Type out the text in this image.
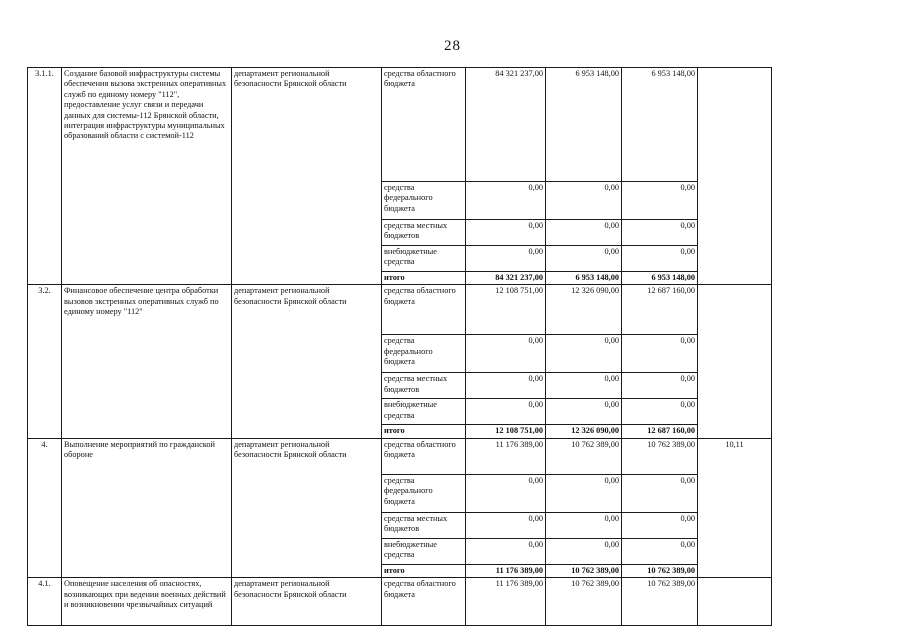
28
3.1.1.	Создание базовой инфраструктуры системы обеспечения вызова экстренных оперативных служб по единому номеру "112", предоставление услуг связи и передачи данных для системы-112 Брянской области, интеграция инфраструктуры муниципальных образований области с системой-112	департамент региональной безопасности Брянской области	средства областного бюджета	84 321 237,00	6 953 148,00	6 953 148,00	
			средства федерального бюджета	0,00	0,00	0,00	
			средства местных бюджетов	0,00	0,00	0,00	
			внебюджетные средства	0,00	0,00	0,00	
			итого	84 321 237,00	6 953 148,00	6 953 148,00	
3.2.	Финансовое обеспечение центра обработки вызовов экстренных оперативных служб по единому номеру "112"	департамент региональной безопасности Брянской области	средства областного бюджета	12 108 751,00	12 326 090,00	12 687 160,00	
			средства федерального бюджета	0,00	0,00	0,00	
			средства местных бюджетов	0,00	0,00	0,00	
			внебюджетные средства	0,00	0,00	0,00	
			итого	12 108 751,00	12 326 090,00	12 687 160,00	
4.	Выполнение мероприятий по гражданской обороне	департамент региональной безопасности Брянской области	средства областного бюджета	11 176 389,00	10 762 389,00	10 762 389,00	10,11
			средства федерального бюджета	0,00	0,00	0,00	
			средства местных бюджетов	0,00	0,00	0,00	
			внебюджетные средства	0,00	0,00	0,00	
			итого	11 176 389,00	10 762 389,00	10 762 389,00	
4.1.	Оповещение населения об опасностях, возникающих при ведении военных действий и возникновении чрезвычайных ситуаций	департамент региональной безопасности Брянской области	средства областного бюджета	11 176 389,00	10 762 389,00	10 762 389,00	
